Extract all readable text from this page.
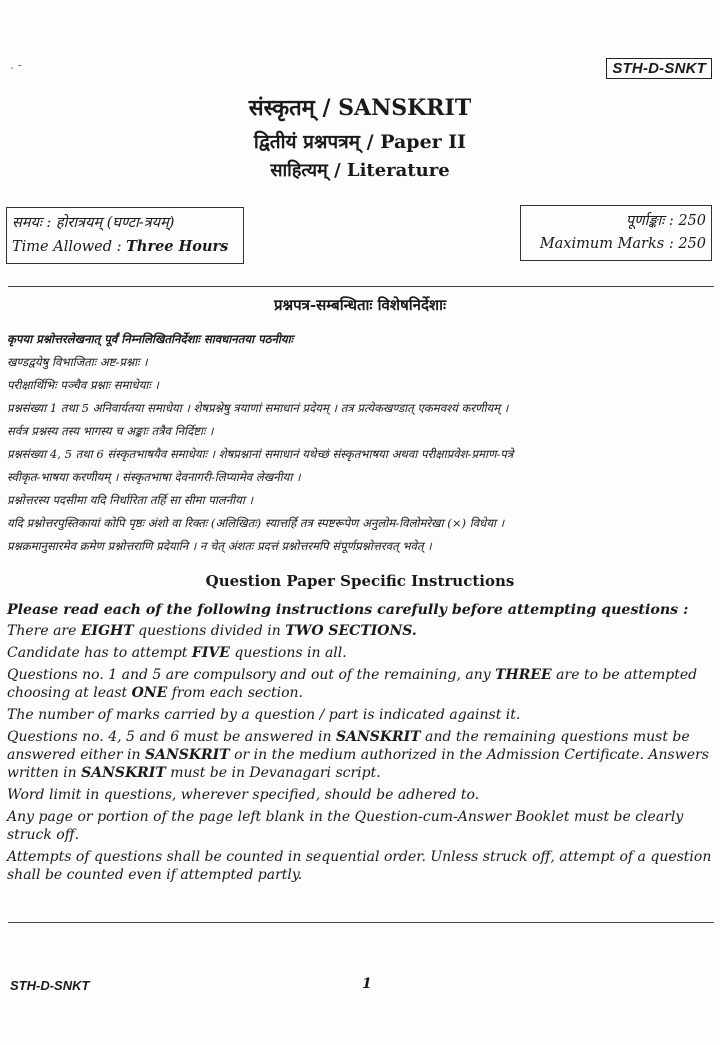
. -	STH-D-SNKT
संस्कृतम् / SANSKRIT
द्वितीयं प्रश्नपत्रम् / Paper II
साहित्यम् / Literature
समयः : होरात्रयम् (घण्टा-त्रयम्)
Time Allowed : Three Hours
पूर्णाङ्काः : 250
Maximum Marks : 250
प्रश्नपत्र-सम्बन्धिताः विशेषनिर्देशाः
कृपया प्रश्नोत्तरलेखनात् पूर्वं निम्नलिखितनिर्देशाः सावधानतया पठनीयाः
खण्डद्वयेषु विभाजिताः अष्ट-प्रश्नाः ।
परीक्षार्थिभिः पञ्चैव प्रश्नाः समाधेयाः ।
प्रश्नसंख्या 1 तथा 5 अनिवार्यतया समाधेया । शेषप्रश्नेषु त्रयाणां समाधानं प्रदेयम् । तत्र प्रत्येकखण्डात् एकमवश्यं करणीयम् ।
सर्वत्र प्रश्नस्य तस्य भागस्य च अङ्काः तत्रैव निर्दिष्टाः ।
प्रश्नसंख्या 4, 5 तथा 6 संस्कृतभाषयैव समाधेयाः । शेषप्रश्नानां समाधानं यथेच्छं संस्कृतभाषया अथवा परीक्षाप्रवेश-प्रमाण-पत्रे
स्वीकृत-भाषया करणीयम् । संस्कृतभाषा देवनागरी-लिप्यामेव लेखनीया ।
प्रश्नोत्तरस्य पदसीमा यदि निर्धारिता तर्हि सा सीमा पालनीया ।
यदि प्रश्नोत्तरपुस्तिकायां कोपि पृष्ठः अंशो वा रिक्तः (अलिखितः) स्यात्तर्हि तत्र स्पष्टरूपेण अनुलोम-विलोमरेखा (×) विधेया ।
प्रश्नक्रमानुसारमेव क्रमेण प्रश्नोत्तराणि प्रदेयानि । न चेत् अंशतः प्रदत्तं प्रश्नोत्तरमपि संपूर्णप्रश्नोत्तरवत् भवेत् ।
Question Paper Specific Instructions

Please read each of the following instructions carefully before attempting questions :

There are EIGHT questions divided in TWO SECTIONS.

Candidate has to attempt FIVE questions in all.

Questions no. 1 and 5 are compulsory and out of the remaining, any THREE are to be attempted choosing at least ONE from each section.

The number of marks carried by a question / part is indicated against it.

Questions no. 4, 5 and 6 must be answered in SANSKRIT and the remaining questions must be answered either in SANSKRIT or in the medium authorized in the Admission Certificate. Answers written in SANSKRIT must be in Devanagari script.

Word limit in questions, wherever specified, should be adhered to.

Any page or portion of the page left blank in the Question-cum-Answer Booklet must be clearly struck off.

Attempts of questions shall be counted in sequential order. Unless struck off, attempt of a question shall be counted even if attempted partly.

STH-D-SNKT	1
